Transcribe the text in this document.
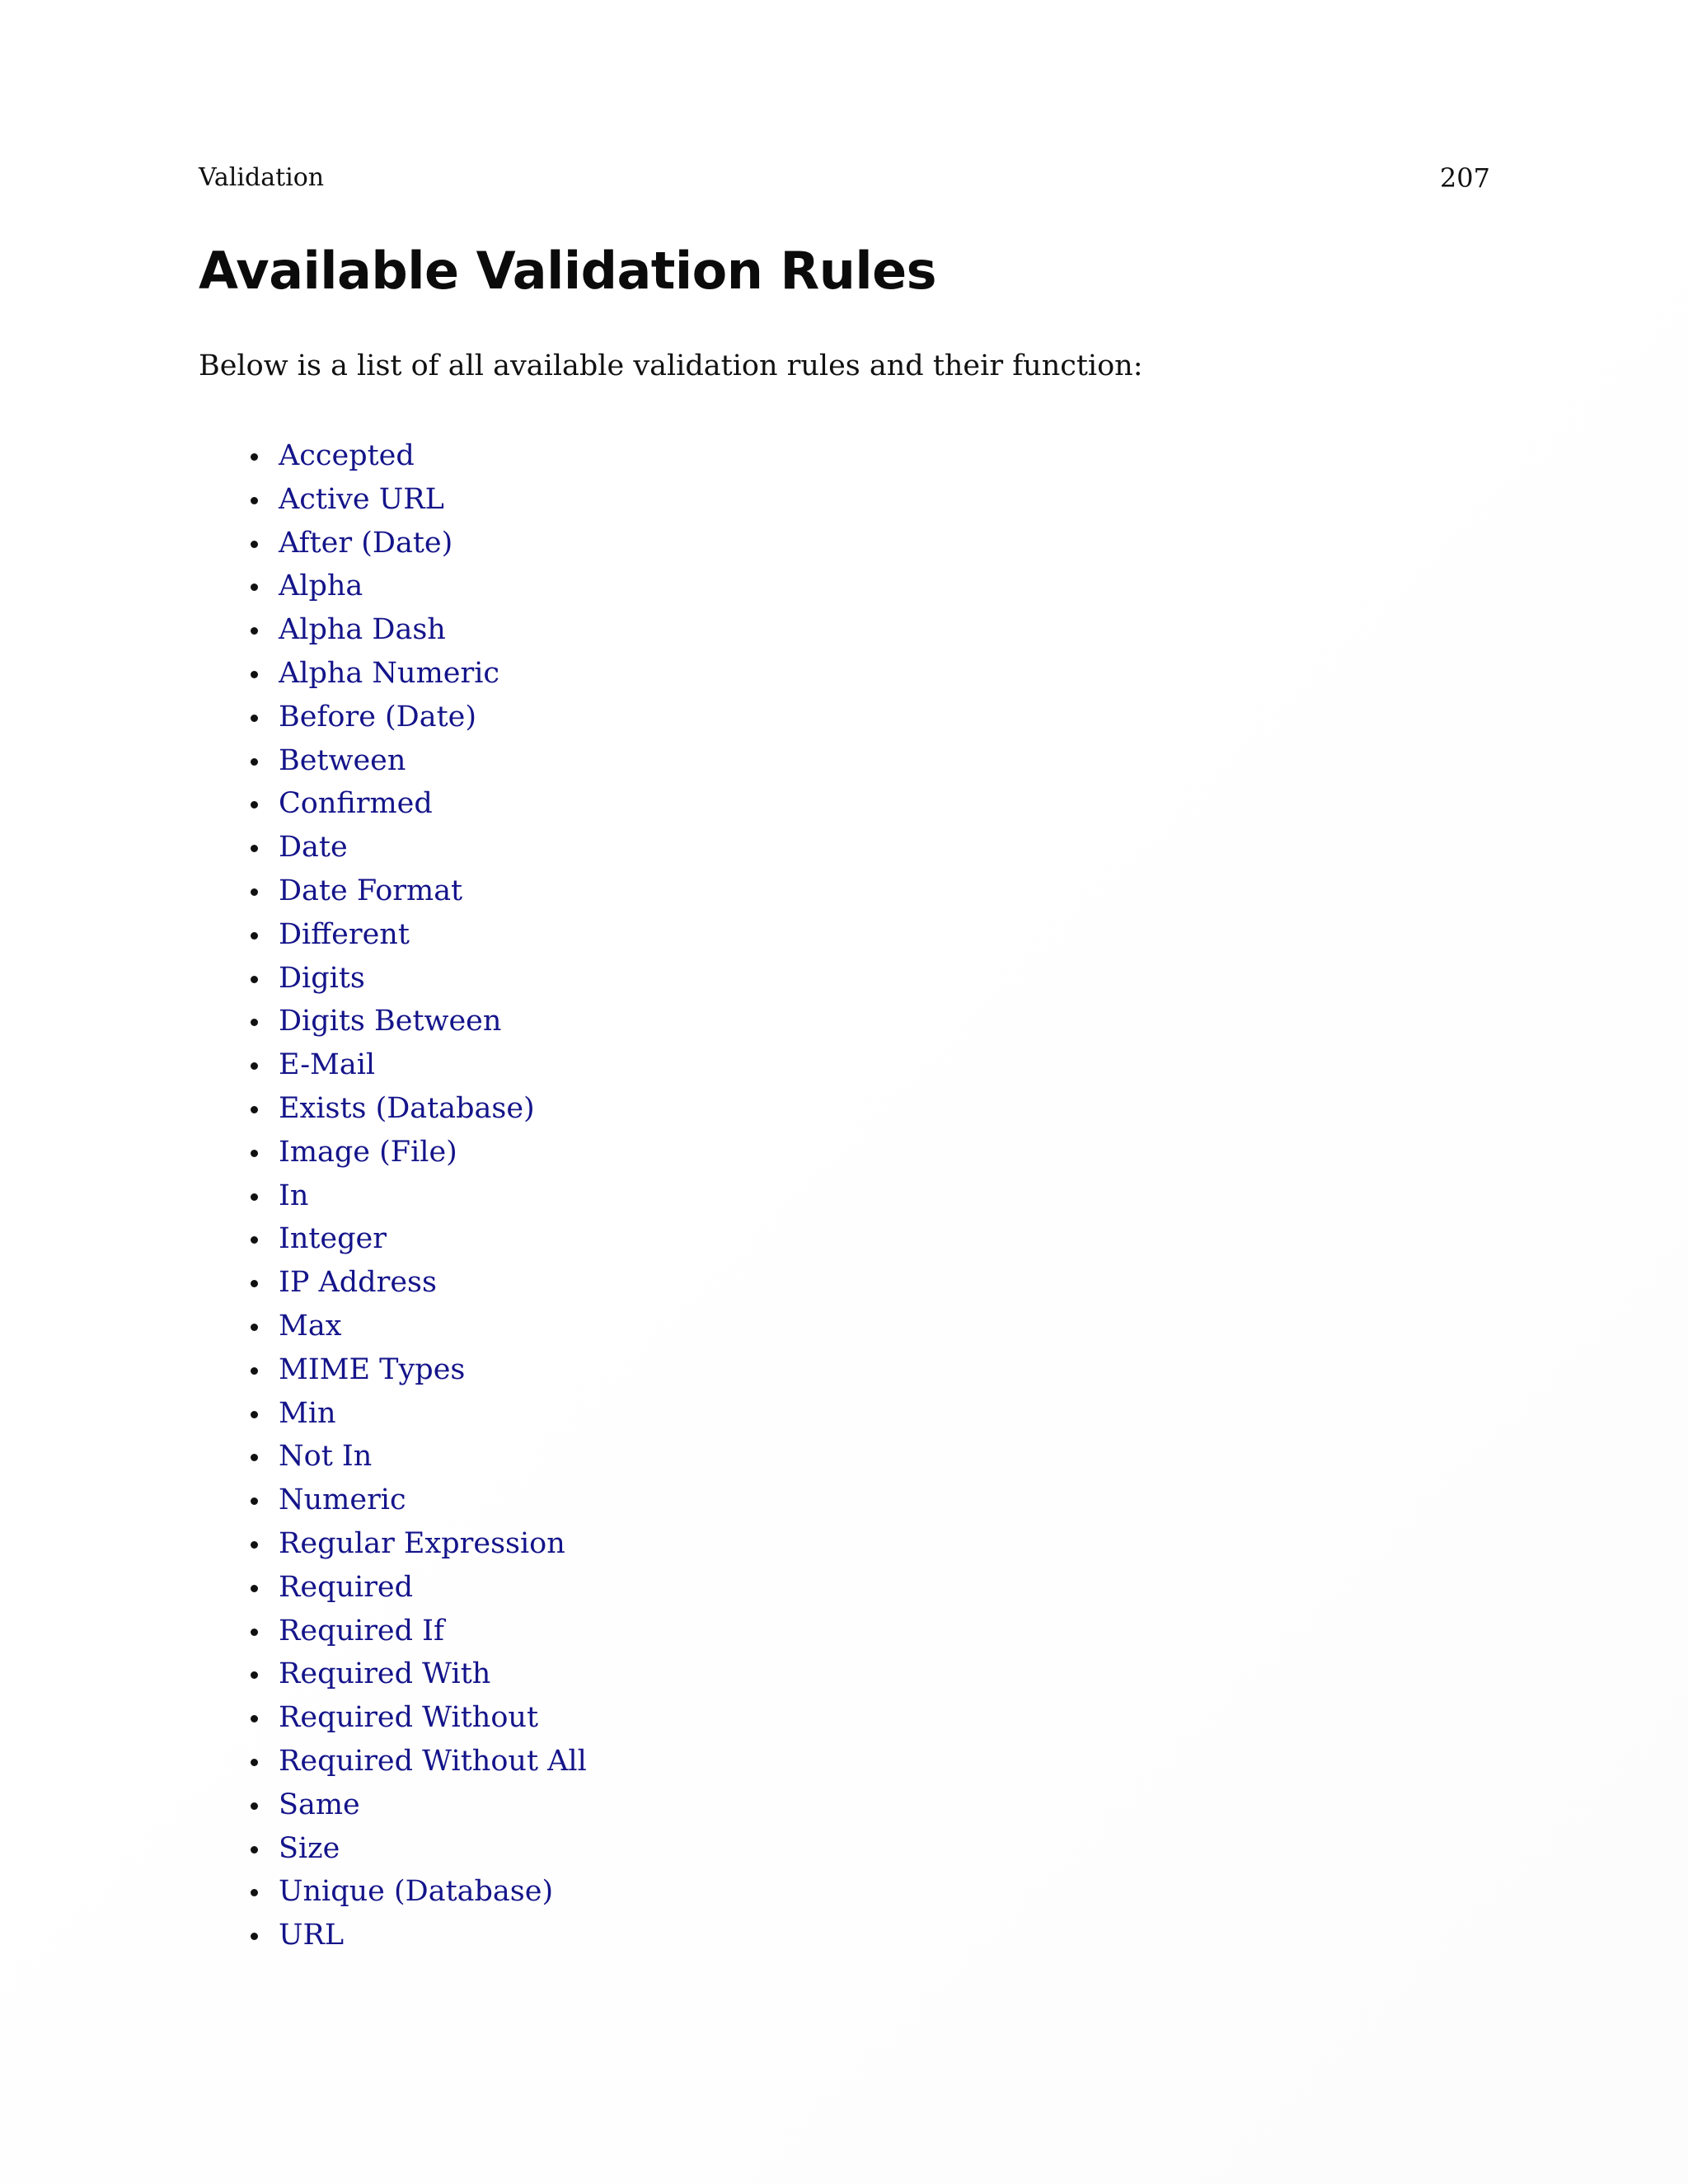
Validation	207
Available Validation Rules

Below is a list of all available validation rules and their function:

Accepted
Active URL
After (Date)
Alpha
Alpha Dash
Alpha Numeric
Before (Date)
Between
Confirmed
Date
Date Format
Different
Digits
Digits Between
E-Mail
Exists (Database)
Image (File)
In
Integer
IP Address
Max
MIME Types
Min
Not In
Numeric
Regular Expression
Required
Required If
Required With
Required Without
Required Without All
Same
Size
Unique (Database)
URL
